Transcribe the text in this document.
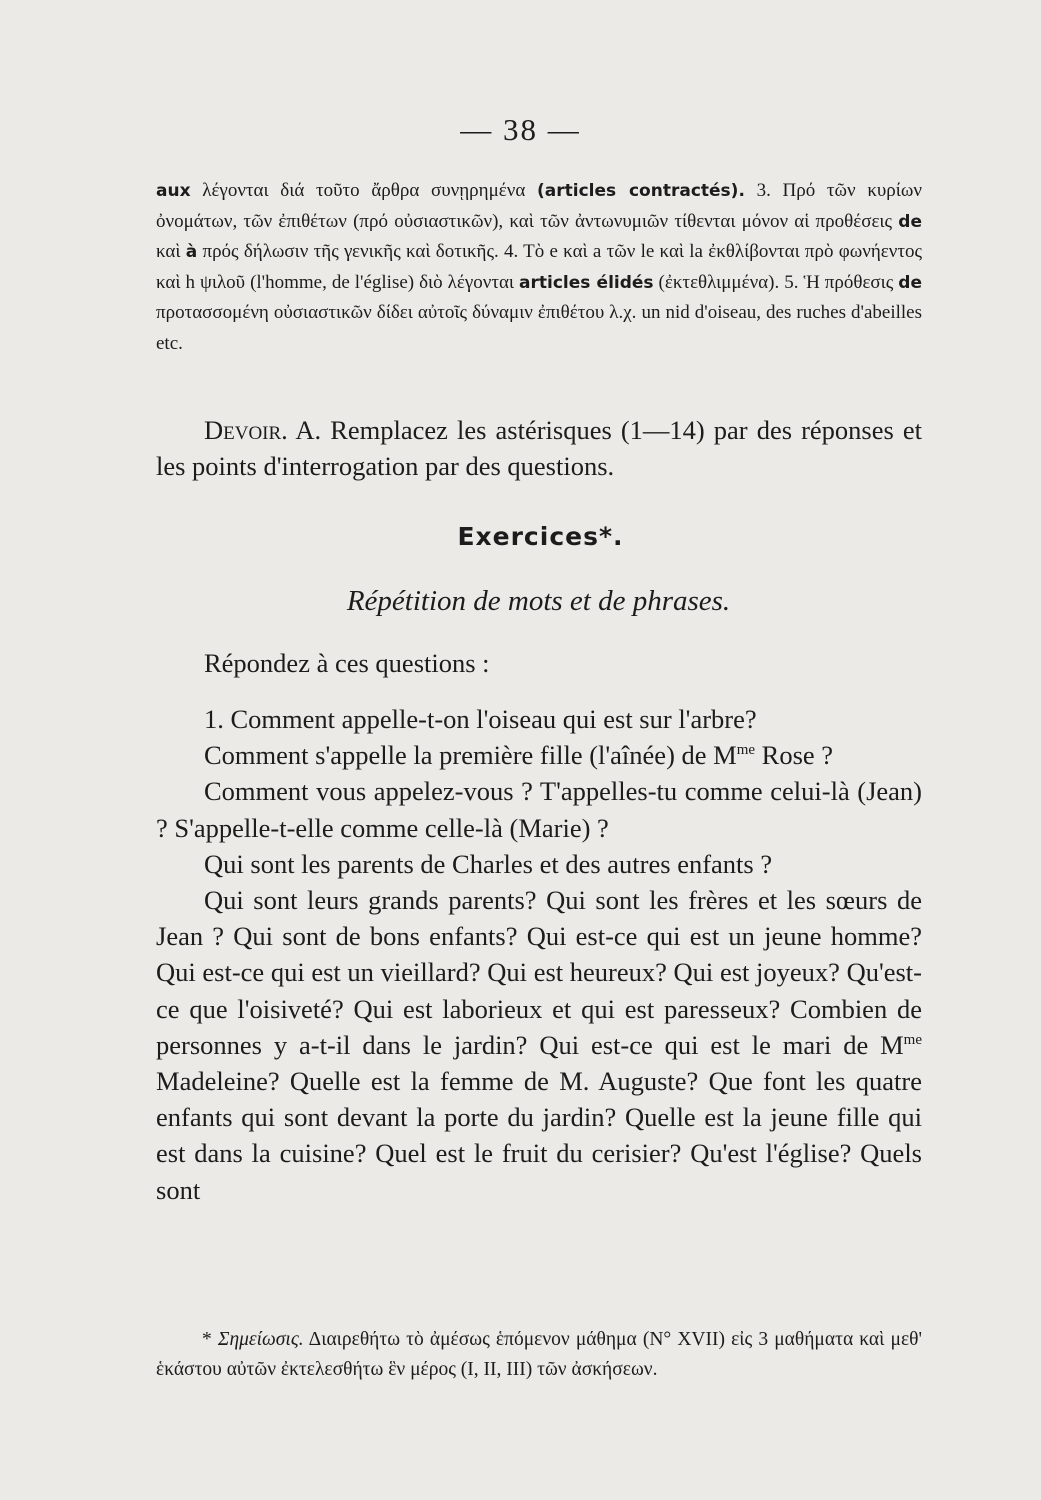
— 38 —
aux λέγονται διά τοῦτο ἄρθρα συνῃρημένα (articles contractés). 3. Πρό τῶν κυρίων ὀνομάτων, τῶν ἐπιθέτων (πρό οὐσιαστικῶν), καὶ τῶν ἀντωνυμιῶν τίθενται μόνον αἱ προθέσεις de καὶ à πρός δήλωσιν τῆς γενικῆς καὶ δοτικῆς. 4. Τὸ e καὶ a τῶν le καὶ la ἐκθλίβονται πρὸ φωνήεντος καὶ h ψιλοῦ (l'homme, de l'église) διὸ λέγονται articles élidés (ἐκτεθλιμμένα). 5. Ἡ πρόθεσις de προτασσομένη οὐσιαστικῶν δίδει αὐτοῖς δύναμιν ἐπιθέτου λ.χ. un nid d'oiseau, des ruches d'abeilles etc.
Devoir. A. Remplacez les astérisques (1—14) par des réponses et les points d'interrogation par des questions.
Exercices*.
Répétition de mots et de phrases.
Répondez à ces questions :

1. Comment appelle-t-on l'oiseau qui est sur l'arbre?

Comment s'appelle la première fille (l'aînée) de $M^{me}$ Rose ?

Comment vous appelez-vous ? T'appelles-tu comme celui-là (Jean) ? S'appelle-t-elle comme celle-là (Marie) ?

Qui sont les parents de Charles et des autres enfants ?

Qui sont leurs grands parents? Qui sont les frères et les sœurs de Jean ? Qui sont de bons enfants? Qui est-ce qui est un jeune homme? Qui est-ce qui est un vieillard? Qui est heureux? Qui est joyeux? Qu'est-ce que l'oisiveté? Qui est laborieux et qui est paresseux? Combien de personnes y a-t-il dans le jardin? Qui est-ce qui est le mari de $M^{me}$ Madeleine? Quelle est la femme de M. Auguste? Que font les quatre enfants qui sont devant la porte du jardin? Quelle est la jeune fille qui est dans la cuisine? Quel est le fruit du cerisier? Qu'est l'église? Quels sont

* Σημείωσις. Διαιρεθήτω τὸ ἀμέσως ἑπόμενον μάθημα (N° XVII) εἰς 3 μαθήματα καὶ μεθ' ἑκάστου αὐτῶν ἐκτελεσθήτω ἓν μέρος (I, II, III) τῶν ἀσκήσεων.
